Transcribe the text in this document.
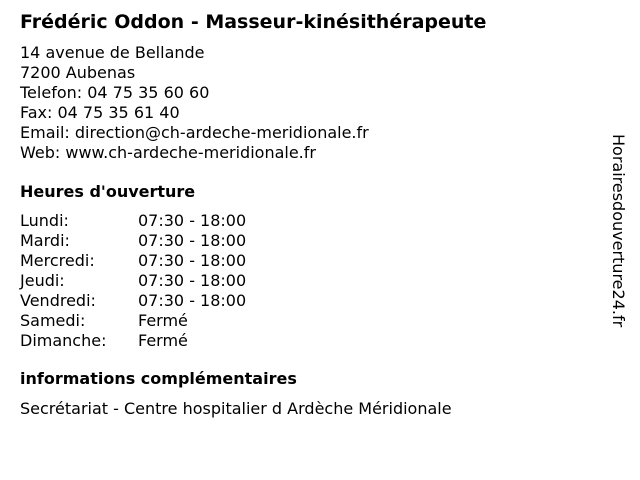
Frédéric Oddon - Masseur-kinésithérapeute
14 avenue de Bellande
7200 Aubenas
Telefon: 04 75 35 60 60
Fax: 04 75 35 61 40
Email: direction@ch-ardeche-meridionale.fr
Web: www.ch-ardeche-meridionale.fr
Heures d'ouverture
Lundi:	07:30 - 18:00
Mardi:	07:30 - 18:00
Mercredi:	07:30 - 18:00
Jeudi:	07:30 - 18:00
Vendredi:	07:30 - 18:00
Samedi:	Fermé
Dimanche:	Fermé
informations complémentaires
Secrétariat - Centre hospitalier d Ardèche Méridionale
Horairesdouverture24.fr
